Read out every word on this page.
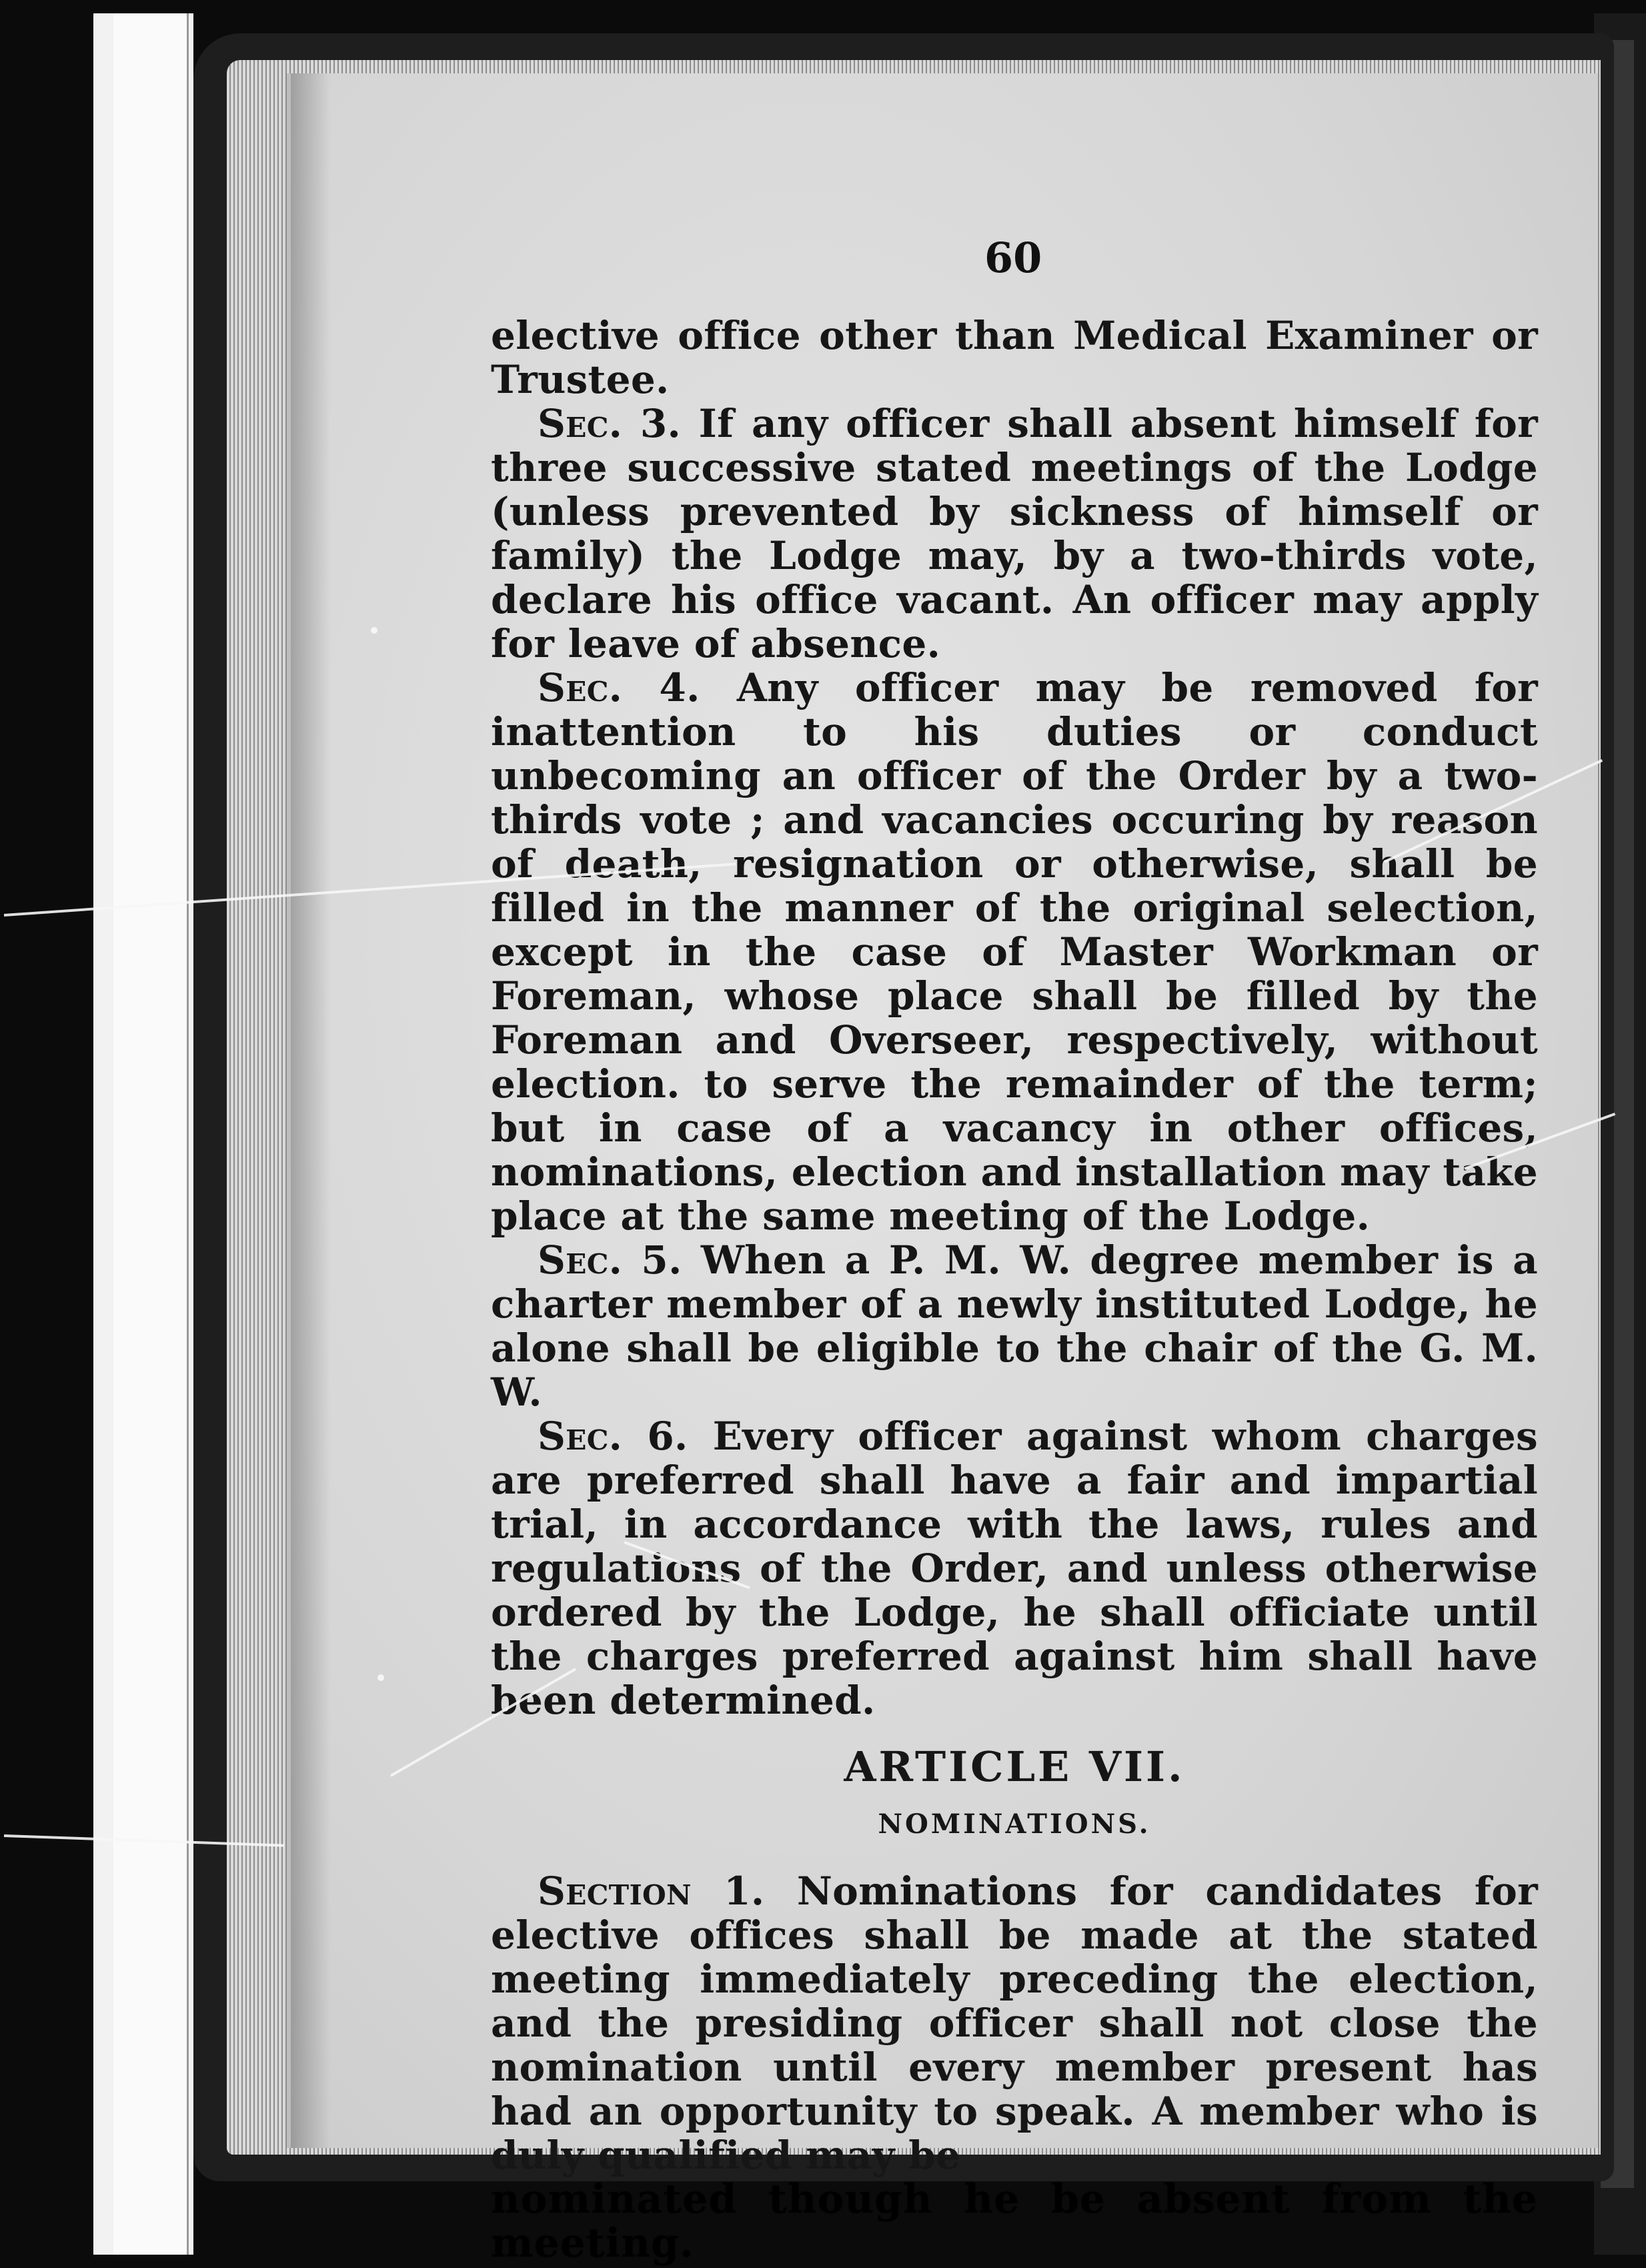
60

elective office other than Medical Examiner or Trustee.

Sec. 3. If any officer shall absent himself for three successive stated meetings of the Lodge (unless prevented by sickness of himself or family) the Lodge may, by a two-thirds vote, declare his office vacant. An officer may apply for leave of absence.

Sec. 4. Any officer may be removed for inattention to his duties or conduct unbecoming an officer of the Order by a two-thirds vote ; and vacancies occuring by reason of death, resignation or otherwise, shall be filled in the manner of the original selection, except in the case of Master Workman or Foreman, whose place shall be filled by the Foreman and Overseer, respectively, without election. to serve the remainder of the term; but in case of a vacancy in other offices, nominations, election and installation may take place at the same meeting of the Lodge.

Sec. 5. When a P. M. W. degree member is a charter member of a newly instituted Lodge, he alone shall be eligible to the chair of the G. M. W.

Sec. 6. Every officer against whom charges are preferred shall have a fair and impartial trial, in accordance with the laws, rules and regulations of the Order, and unless otherwise ordered by the Lodge, he shall officiate until the charges preferred against him shall have been determined.

ARTICLE VII.
NOMINATIONS.

Section 1. Nominations for candidates for elective offices shall be made at the stated meeting immediately preceding the election, and the presiding officer shall not close the nomination until every member present has had an opportunity to speak. A member who is duly qualified may be

nominated though he be absent from the meeting.
